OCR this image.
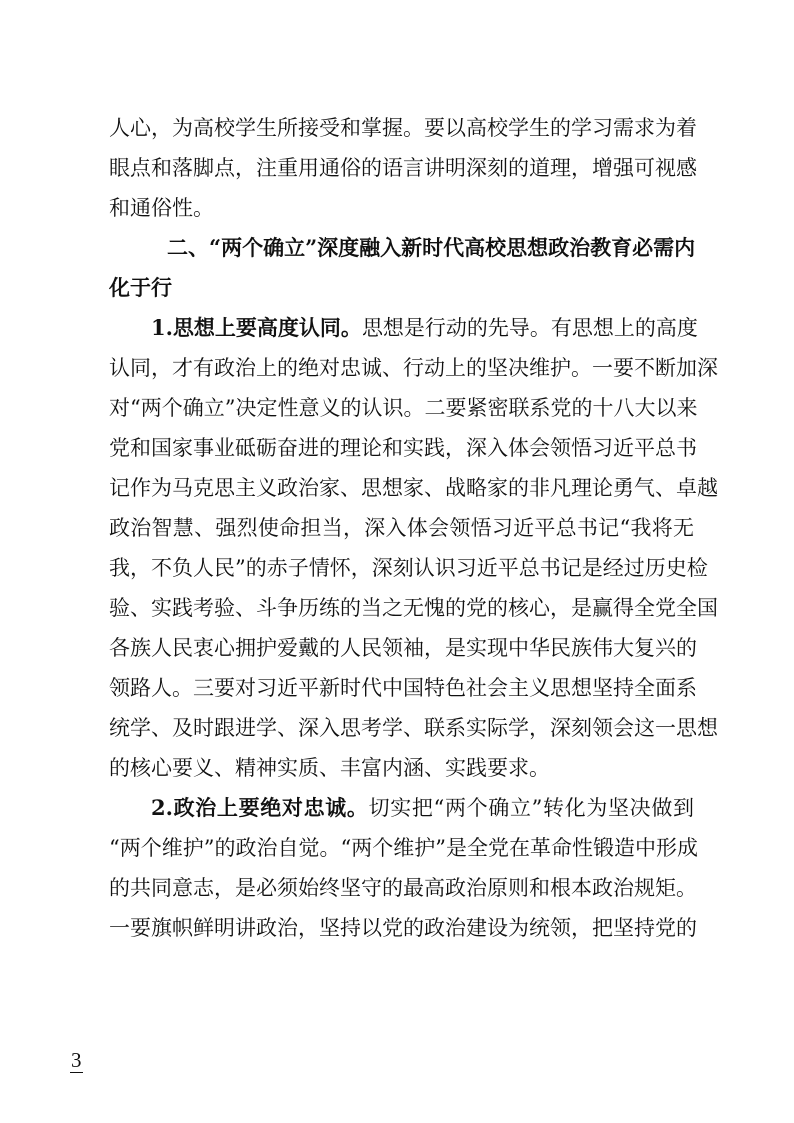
人心，为高校学生所接受和掌握。要以高校学生的学习需求为着
眼点和落脚点，注重用通俗的语言讲明深刻的道理，增强可视感
和通俗性。
二、“两个确立”深度融入新时代高校思想政治教育必需内
化于行
1.思想上要高度认同。思想是行动的先导。有思想上的高度
认同，才有政治上的绝对忠诚、行动上的坚决维护。一要不断加深
对“两个确立”决定性意义的认识。二要紧密联系党的十八大以来
党和国家事业砥砺奋进的理论和实践，深入体会领悟习近平总书
记作为马克思主义政治家、思想家、战略家的非凡理论勇气、卓越
政治智慧、强烈使命担当，深入体会领悟习近平总书记“我将无
我，不负人民”的赤子情怀，深刻认识习近平总书记是经过历史检
验、实践考验、斗争历练的当之无愧的党的核心，是赢得全党全国
各族人民衷心拥护爱戴的人民领袖，是实现中华民族伟大复兴的
领路人。三要对习近平新时代中国特色社会主义思想坚持全面系
统学、及时跟进学、深入思考学、联系实际学，深刻领会这一思想
的核心要义、精神实质、丰富内涵、实践要求。
2.政治上要绝对忠诚。切实把“两个确立”转化为坚决做到
“两个维护”的政治自觉。“两个维护”是全党在革命性锻造中形成
的共同意志，是必须始终坚守的最高政治原则和根本政治规矩。
一要旗帜鲜明讲政治，坚持以党的政治建设为统领，把坚持党的
3
